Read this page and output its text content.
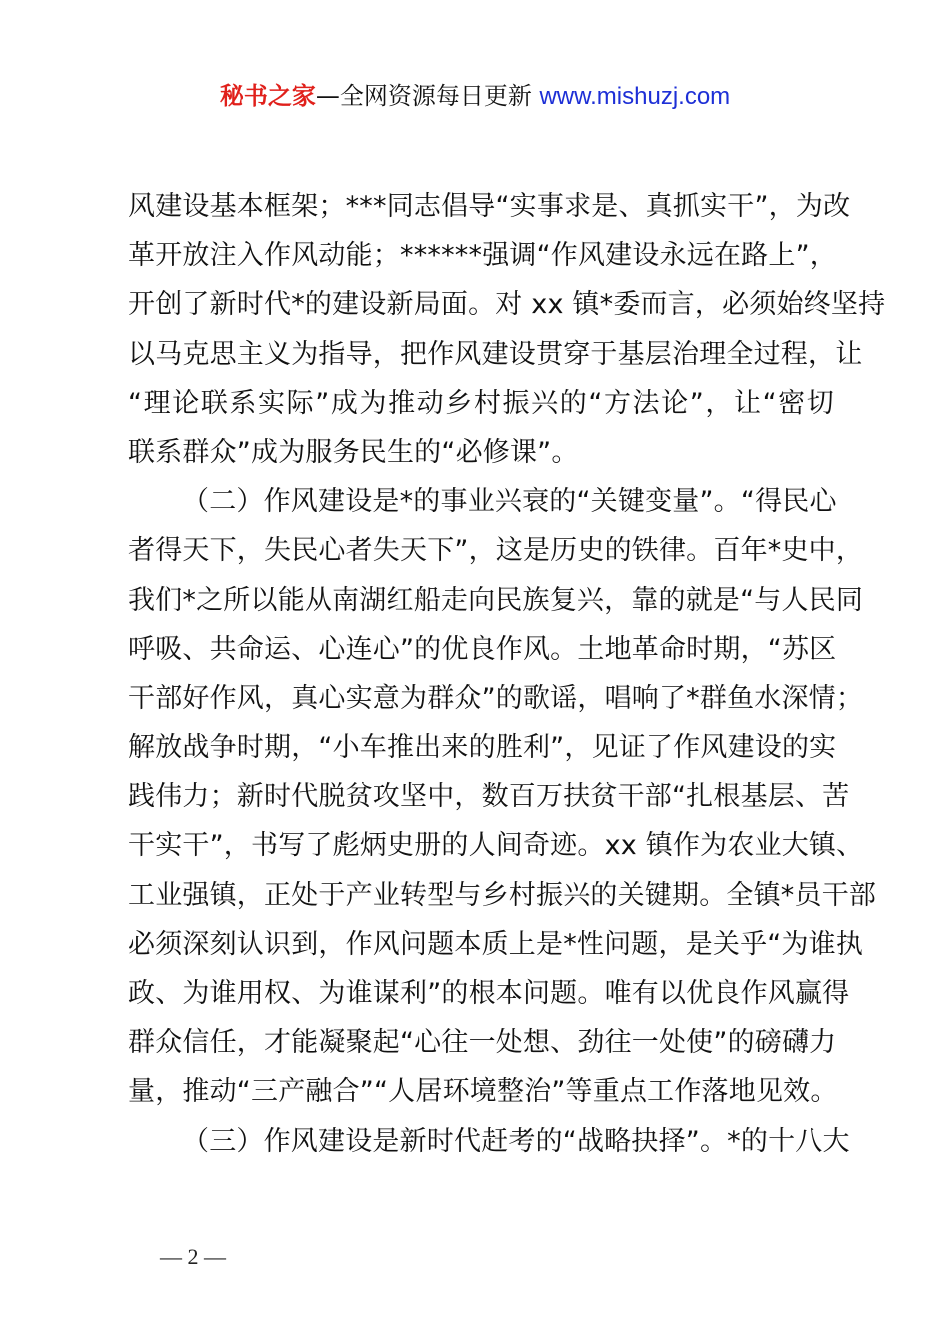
秘书之家—全网资源每日更新 www.mishuzj.com
风建设基本框架；***同志倡导“实事求是、真抓实干”，为改
革开放注入作风动能；******强调“作风建设永远在路上”，
开创了新时代*的建设新局面。对 xx 镇*委而言，必须始终坚持
以马克思主义为指导，把作风建设贯穿于基层治理全过程，让
“理论联系实际”成为推动乡村振兴的“方法论”，让“密切
联系群众”成为服务民生的“必修课”。
（二）作风建设是*的事业兴衰的“关键变量”。“得民心
者得天下，失民心者失天下”，这是历史的铁律。百年*史中，
我们*之所以能从南湖红船走向民族复兴，靠的就是“与人民同
呼吸、共命运、心连心”的优良作风。土地革命时期，“苏区
干部好作风，真心实意为群众”的歌谣，唱响了*群鱼水深情；
解放战争时期，“小车推出来的胜利”，见证了作风建设的实
践伟力；新时代脱贫攻坚中，数百万扶贫干部“扎根基层、苦
干实干”，书写了彪炳史册的人间奇迹。xx 镇作为农业大镇、
工业强镇，正处于产业转型与乡村振兴的关键期。全镇*员干部
必须深刻认识到，作风问题本质上是*性问题，是关乎“为谁执
政、为谁用权、为谁谋利”的根本问题。唯有以优良作风赢得
群众信任，才能凝聚起“心往一处想、劲往一处使”的磅礴力
量，推动“三产融合”“人居环境整治”等重点工作落地见效。
（三）作风建设是新时代赶考的“战略抉择”。*的十八大
— 2 —
